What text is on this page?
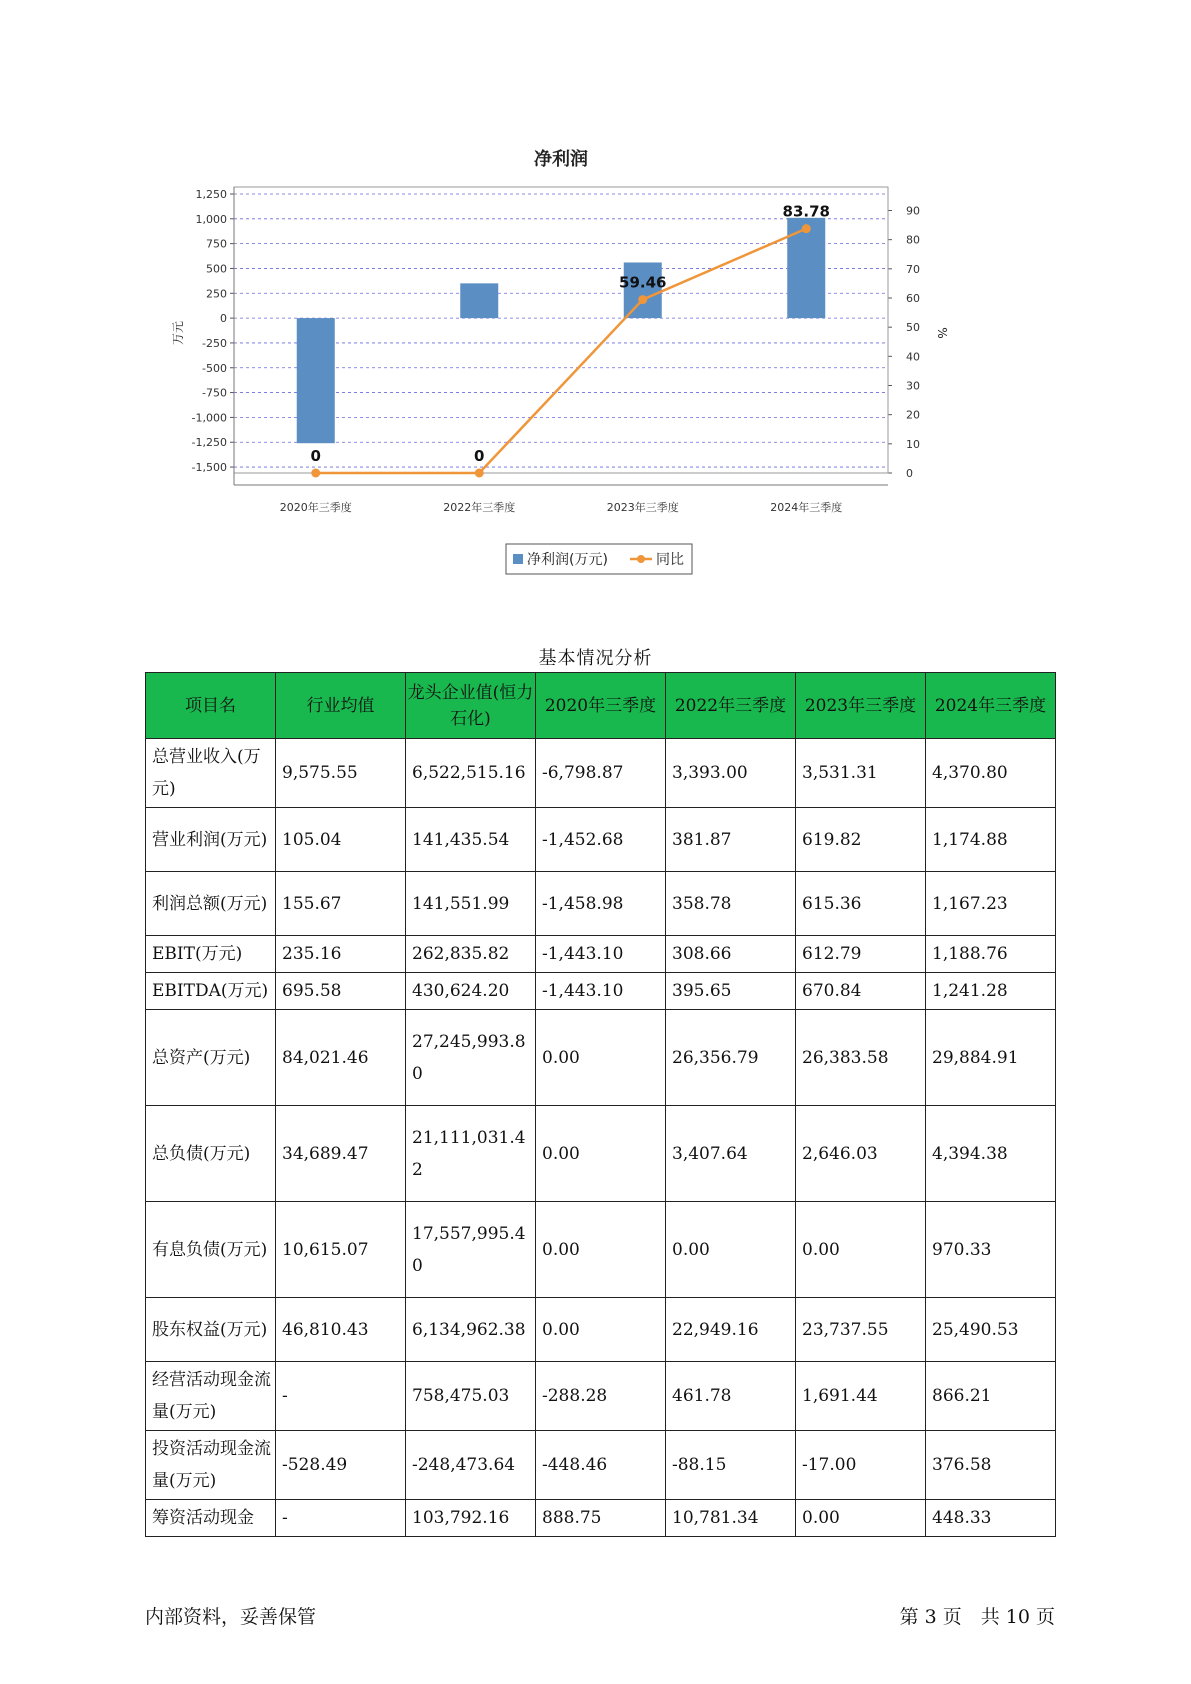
净利润
1,250
1,000
750
500
250
0
-250
-500
-750
-1,000
-1,250
-1,500
90
80
70
60
50
40
30
20
10
0
万元	%
2020年三季度	2022年三季度	2023年三季度	2024年三季度
0	0
59.46
83.78
净利润(万元)	同比
基本情况分析
项目名	行业均值	龙头企业值(恒力石化)	2020年三季度	2022年三季度	2023年三季度	2024年三季度
总营业收入(万元)	9,575.55	6,522,515.16	-6,798.87	3,393.00	3,531.31	4,370.80
营业利润(万元)	105.04	141,435.54	-1,452.68	381.87	619.82	1,174.88
利润总额(万元)	155.67	141,551.99	-1,458.98	358.78	615.36	1,167.23
EBIT(万元)	235.16	262,835.82	-1,443.10	308.66	612.79	1,188.76
EBITDA(万元)	695.58	430,624.20	-1,443.10	395.65	670.84	1,241.28
总资产(万元)	84,021.46	27,245,993.80	0.00	26,356.79	26,383.58	29,884.91
总负债(万元)	34,689.47	21,111,031.42	0.00	3,407.64	2,646.03	4,394.38
有息负债(万元)	10,615.07	17,557,995.40	0.00	0.00	0.00	970.33
股东权益(万元)	46,810.43	6,134,962.38	0.00	22,949.16	23,737.55	25,490.53
经营活动现金流量(万元)	-	758,475.03	-288.28	461.78	1,691.44	866.21
投资活动现金流量(万元)	-528.49	-248,473.64	-448.46	-88.15	-17.00	376.58
筹资活动现金	-	103,792.16	888.75	10,781.34	0.00	448.33
内部资料，妥善保管	第 3 页　共 10 页
